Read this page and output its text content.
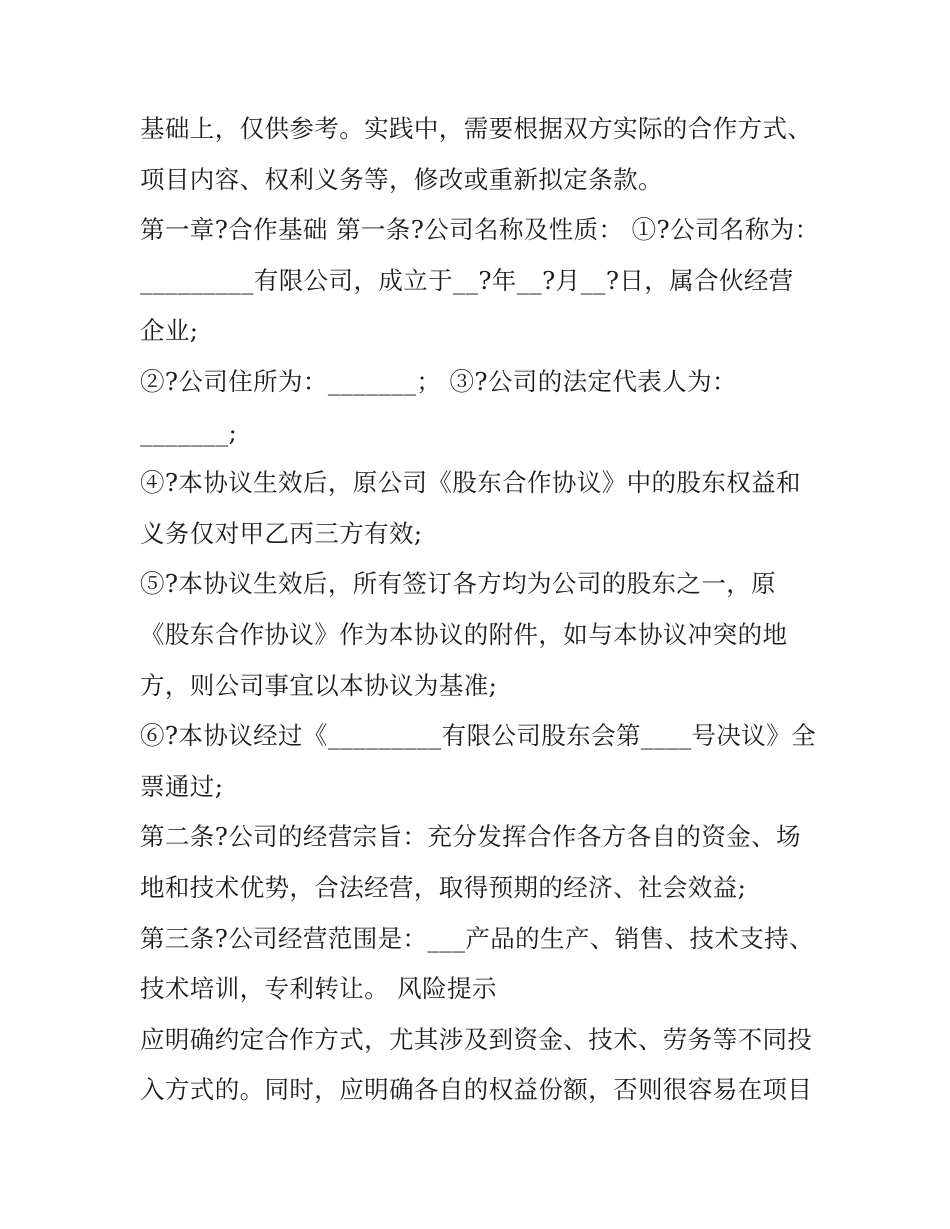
基础上，仅供参考。实践中，需要根据双方实际的合作方式、
项目内容、权利义务等，修改或重新拟定条款。
第一章?合作基础 第一条?公司名称及性质： ①?公司名称为：
_________有限公司，成立于__?年__?月__?日，属合伙经营
企业;
②?公司住所为：_______； ③?公司的法定代表人为：
_______;
④?本协议生效后，原公司《股东合作协议》中的股东权益和
义务仅对甲乙丙三方有效;
⑤?本协议生效后，所有签订各方均为公司的股东之一，原
《股东合作协议》作为本协议的附件，如与本协议冲突的地
方，则公司事宜以本协议为基准;
⑥?本协议经过《_________有限公司股东会第____号决议》全
票通过;
第二条?公司的经营宗旨：充分发挥合作各方各自的资金、场
地和技术优势，合法经营，取得预期的经济、社会效益;
第三条?公司经营范围是：___产品的生产、销售、技术支持、
技术培训，专利转让。 风险提示
应明确约定合作方式，尤其涉及到资金、技术、劳务等不同投
入方式的。同时，应明确各自的权益份额，否则很容易在项目
